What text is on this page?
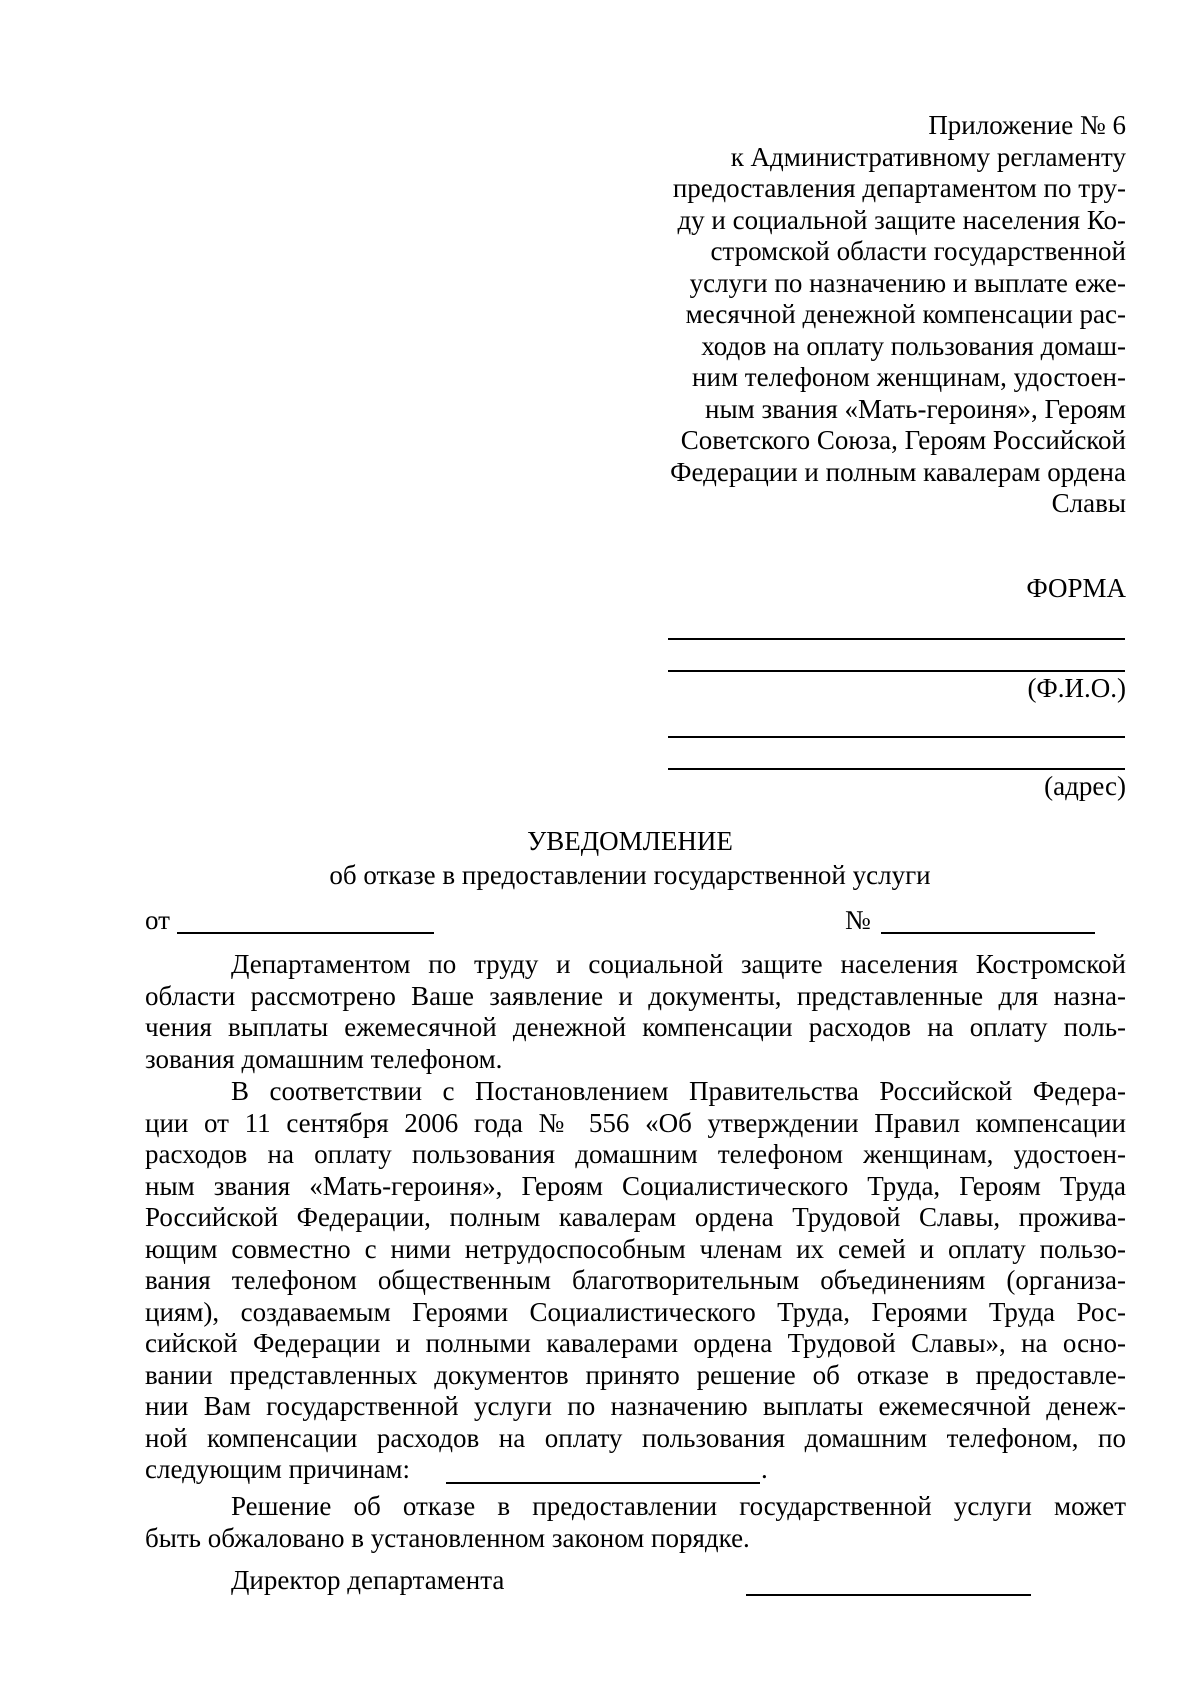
Приложение № 6
к Административному регламенту
предоставления департаментом по тру-
ду и социальной защите населения Ко-
стромской области государственной
услуги по назначению и выплате еже-
месячной денежной компенсации рас-
ходов на оплату пользования домаш-
ним телефоном женщинам, удостоен-
ным звания «Мать-героиня», Героям
Советского Союза, Героям Российской
Федерации и полным кавалерам ордена
Славы
ФОРМА
(Ф.И.О.)
(адрес)
УВЕДОМЛЕНИЕ
об отказе в предоставлении государственной услуги
от	№
Департаментом по труду и социальной защите населения Костромской
области рассмотрено Ваше заявление и документы, представленные для назна-
чения выплаты ежемесячной денежной компенсации расходов на оплату поль-
зования домашним телефоном.
В соответствии с Постановлением Правительства Российской Федера-
ции от 11 сентября 2006 года № 556 «Об утверждении Правил компенсации
расходов на оплату пользования домашним телефоном женщинам, удостоен-
ным звания «Мать-героиня», Героям Социалистического Труда, Героям Труда
Российской Федерации, полным кавалерам ордена Трудовой Славы, прожива-
ющим совместно с ними нетрудоспособным членам их семей и оплату пользо-
вания телефоном общественным благотворительным объединениям (организа-
циям), создаваемым Героями Социалистического Труда, Героями Труда Рос-
сийской Федерации и полными кавалерами ордена Трудовой Славы», на осно-
вании представленных документов принято решение об отказе в предоставле-
нии Вам государственной услуги по назначению выплаты ежемесячной денеж-
ной компенсации расходов на оплату пользования домашним телефоном, по
следующим причинам:	.
Решение об отказе в предоставлении государственной услуги может
быть обжаловано в установленном законом порядке.
Директор департамента
